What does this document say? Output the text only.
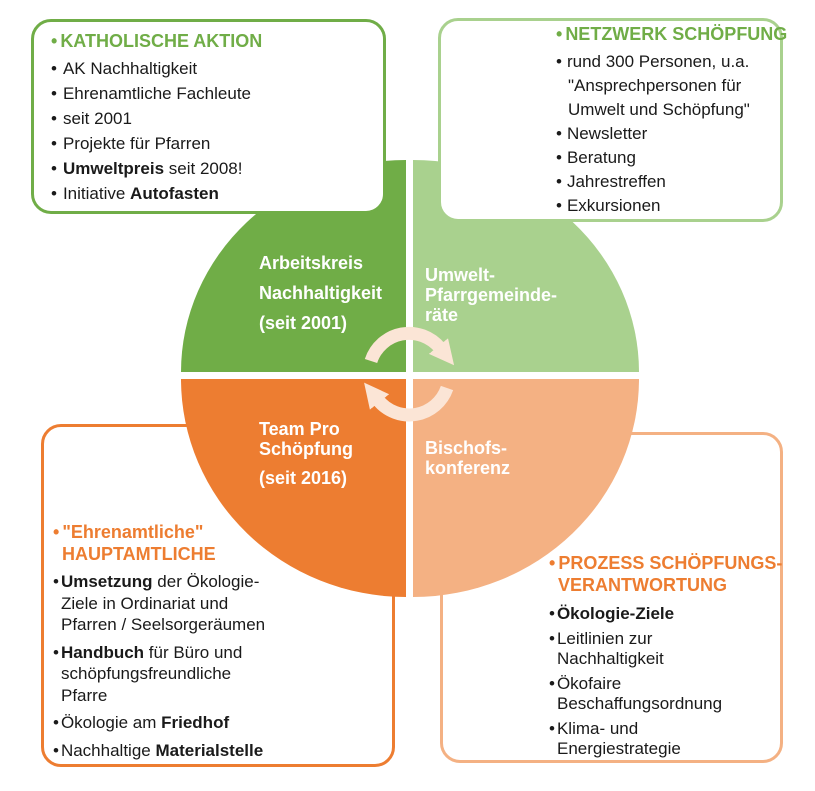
• "Ehrenamtliche"
HAUPTAMTLICHE
• Umsetzung der Ökologie-
Ziele in Ordinariat und
Pfarren / Seelsorgeräumen
• Handbuch für Büro und
schöpfungsfreundliche
Pfarre
• Ökologie am Friedhof
• Nachhaltige Materialstelle
• PROZESS SCHÖPFUNGS-
VERANTWORTUNG
• Ökologie-Ziele
• Leitlinien zur
Nachhaltigkeit
• Ökofaire
Beschaffungsordnung
• Klima- und
Energiestrategie
Arbeitskreis
Nachhaltigkeit
(seit 2001)
Umwelt-
Pfarrgemeinde-
räte
Team Pro
Schöpfung
(seit 2016)
Bischofs-
konferenz
• KATHOLISCHE AKTION
• AK Nachhaltigkeit
• Ehrenamtliche Fachleute
• seit 2001
• Projekte für Pfarren
• Umweltpreis seit 2008!
• Initiative Autofasten
• NETZWERK SCHÖPFUNG
• rund 300 Personen, u.a. "Ansprechpersonen für Umwelt und Schöpfung"
• Newsletter
• Beratung
• Jahrestreffen
• Exkursionen
